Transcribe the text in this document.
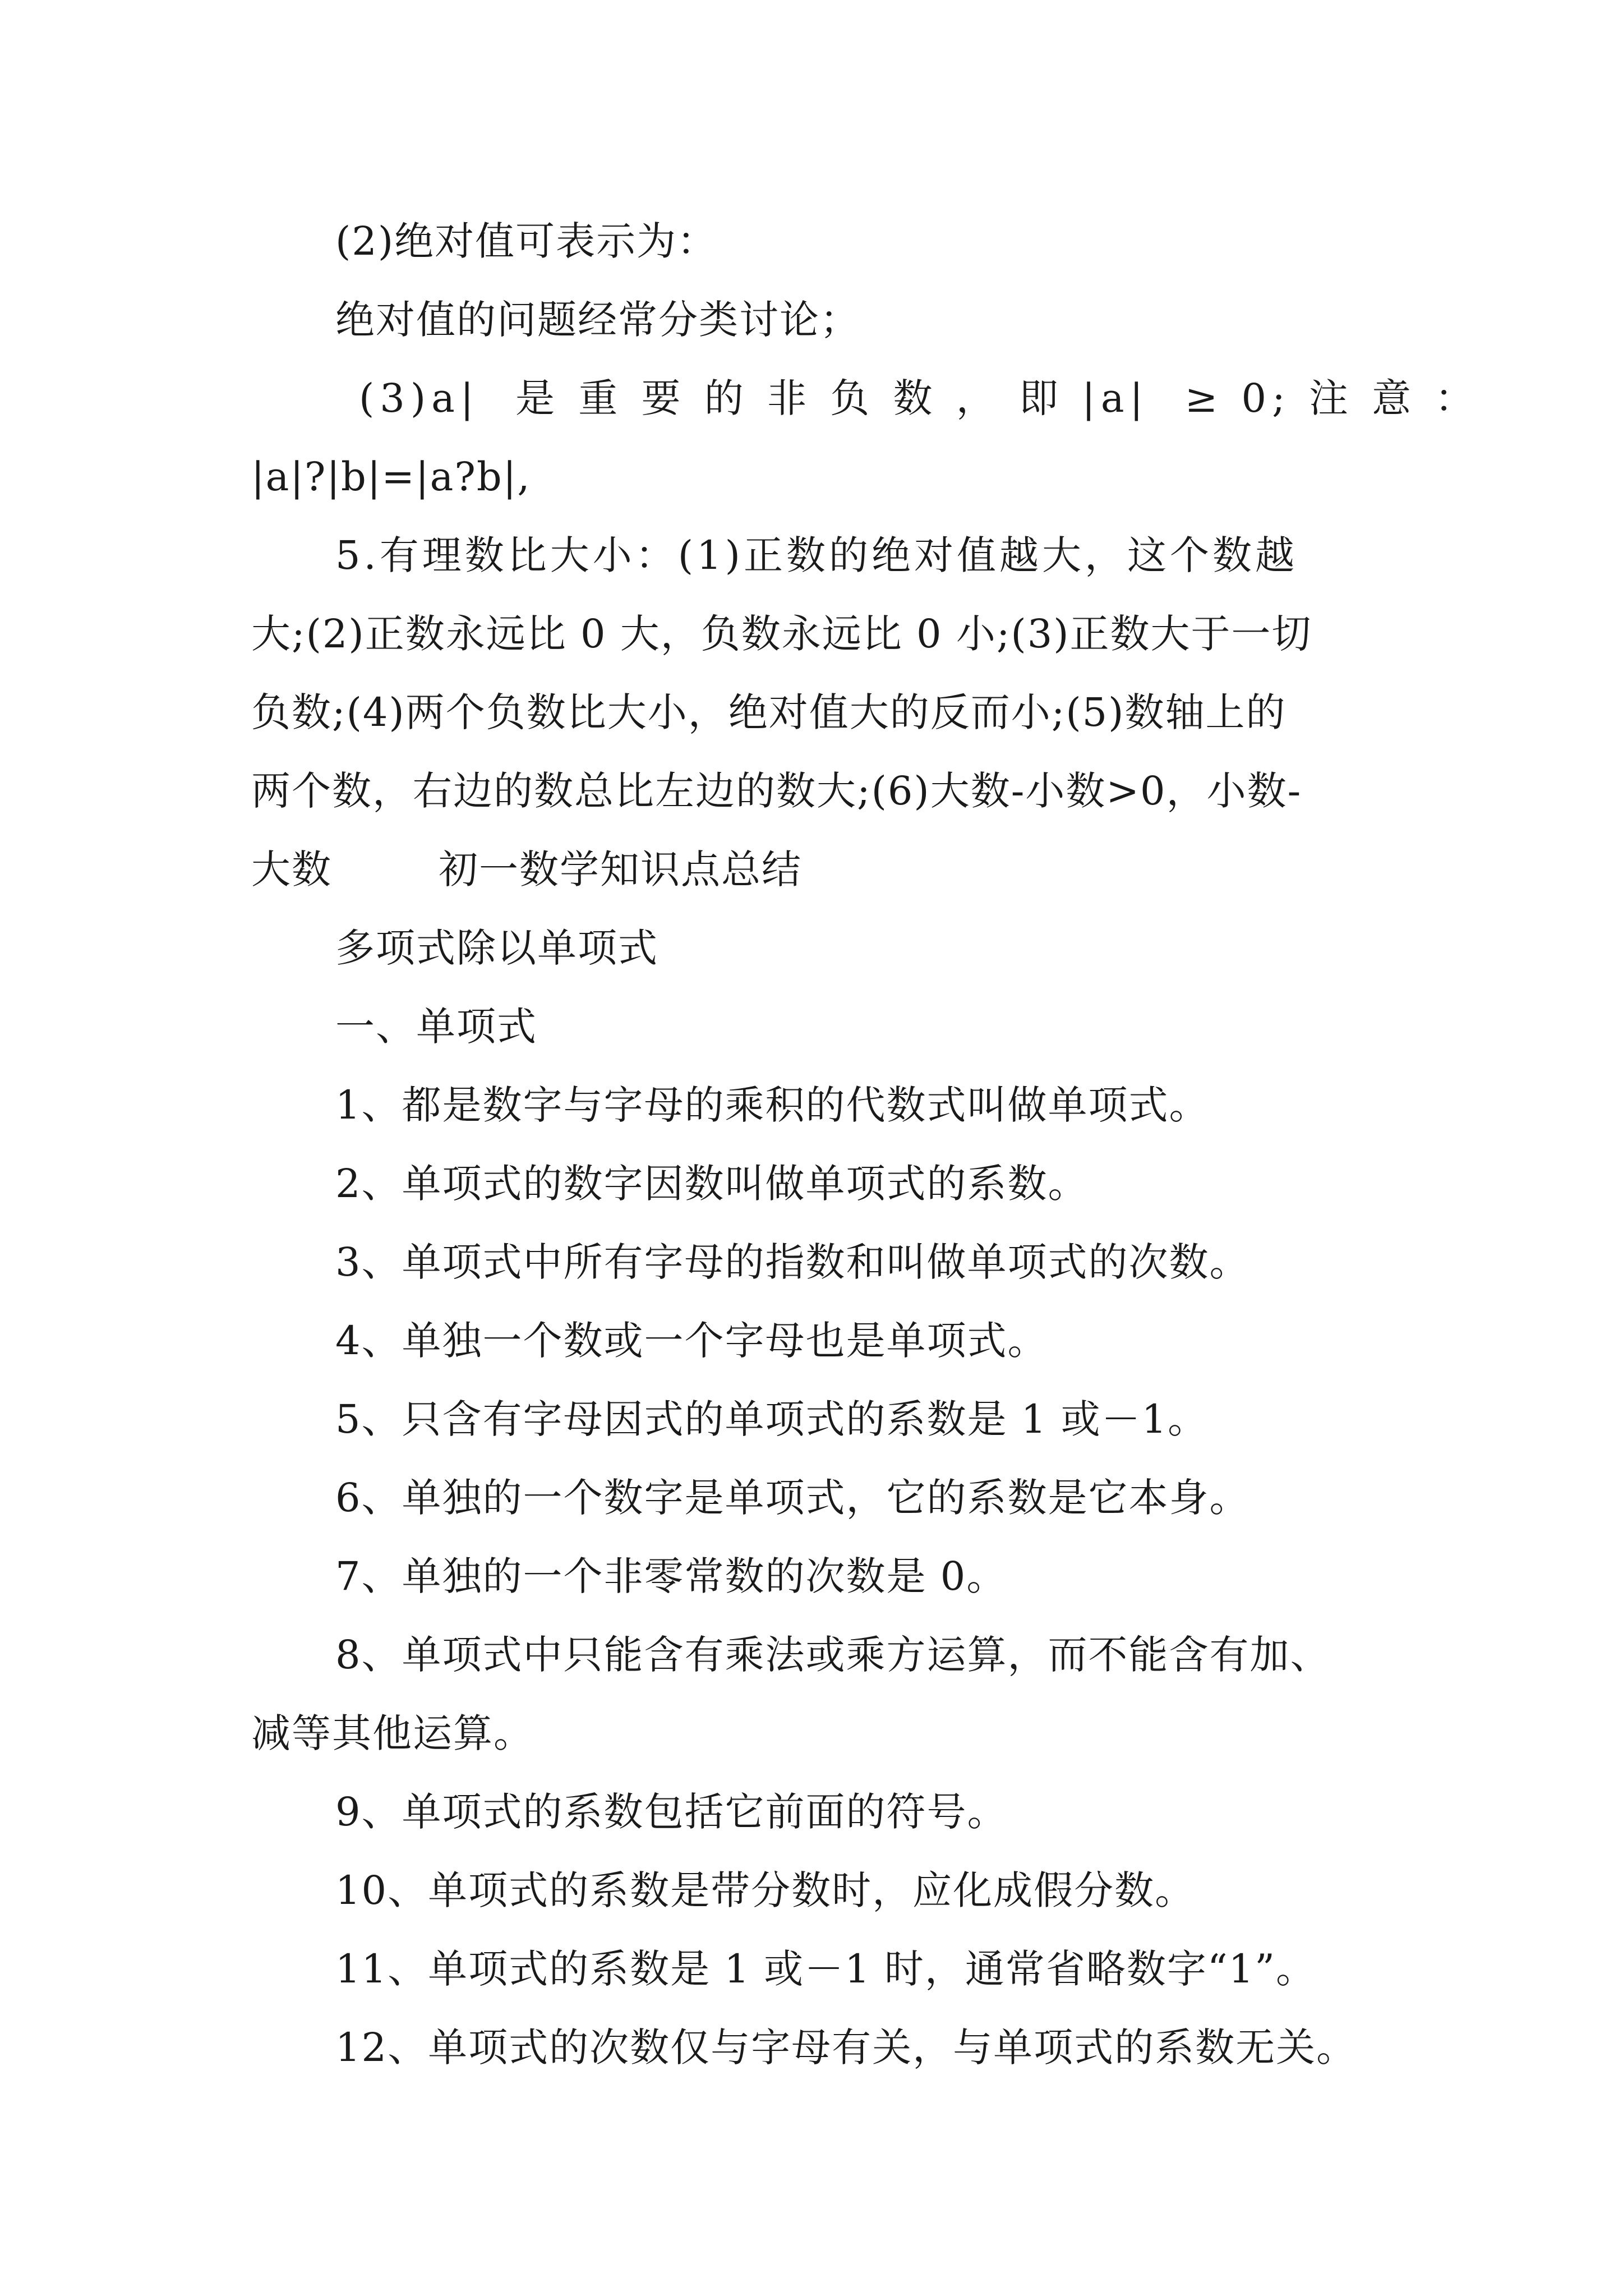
(2)绝对值可表示为：
绝对值的问题经常分类讨论；
(3)a|  是 重 要 的 非 负 数 ， 即 |a|  ≥ 0; 注 意 ：
|a|?|b|=|a?b|,
5.有理数比大小：(1)正数的绝对值越大，这个数越
大;(2)正数永远比 0 大，负数永远比 0 小;(3)正数大于一切
负数;(4)两个负数比大小，绝对值大的反而小;(5)数轴上的
两个数，右边的数总比左边的数大;(6)大数-小数>0，小数-
大数	初一数学知识点总结
多项式除以单项式
一、单项式
1、都是数字与字母的乘积的代数式叫做单项式。
2、单项式的数字因数叫做单项式的系数。
3、单项式中所有字母的指数和叫做单项式的次数。
4、单独一个数或一个字母也是单项式。
5、只含有字母因式的单项式的系数是 1 或－1。
6、单独的一个数字是单项式，它的系数是它本身。
7、单独的一个非零常数的次数是 0。
8、单项式中只能含有乘法或乘方运算，而不能含有加、
减等其他运算。
9、单项式的系数包括它前面的符号。
10、单项式的系数是带分数时，应化成假分数。
11、单项式的系数是 1 或－1 时，通常省略数字“1”。
12、单项式的次数仅与字母有关，与单项式的系数无关。
